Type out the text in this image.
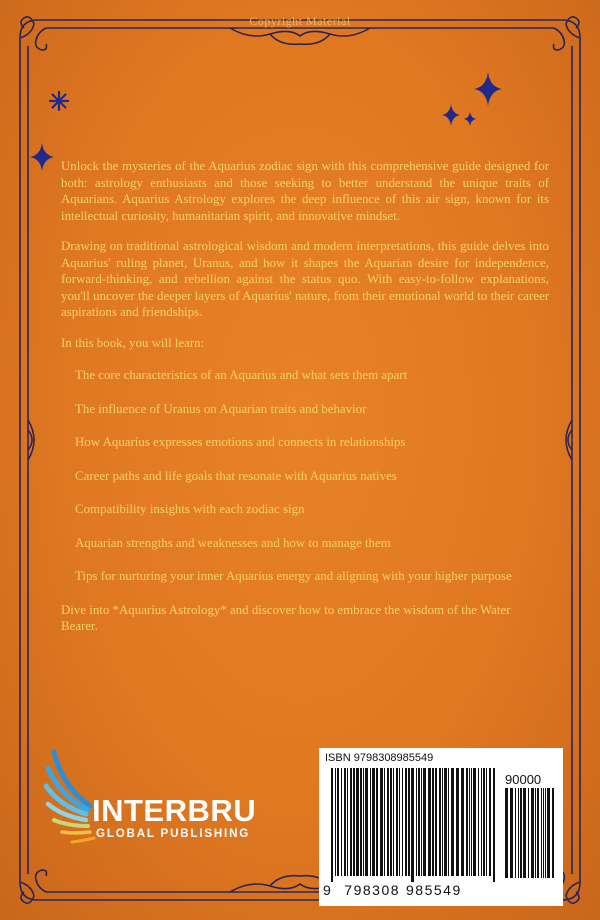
Copyright Material

Unlock the mysteries of the Aquarius zodiac sign with this comprehensive guide designed for both: astrology enthusiasts and those seeking to better understand the unique traits of Aquarians. Aquarius Astrology explores the deep influence of this air sign, known for its intellectual curiosity, humanitarian spirit, and innovative mindset.

Drawing on traditional astrological wisdom and modern interpretations, this guide delves into Aquarius' ruling planet, Uranus, and how it shapes the Aquarian desire for independence, forward-thinking, and rebellion against the status quo. With easy-to-follow explanations, you'll uncover the deeper layers of Aquarius' nature, from their emotional world to their career aspirations and friendships.

In this book, you will learn:

The core characteristics of an Aquarius and what sets them apart
The influence of Uranus on Aquarian traits and behavior
How Aquarius expresses emotions and connects in relationships
Career paths and life goals that resonate with Aquarius natives
Compatibility insights with each zodiac sign
Aquarian strengths and weaknesses and how to manage them
Tips for nurturing your inner Aquarius energy and aligning with your higher purpose

Dive into *Aquarius Astrology* and discover how to embrace the wisdom of the Water Bearer.

INTERBRU
GLOBAL PUBLISHING
ISBN 9798308985549
90000
9 798308 985549
